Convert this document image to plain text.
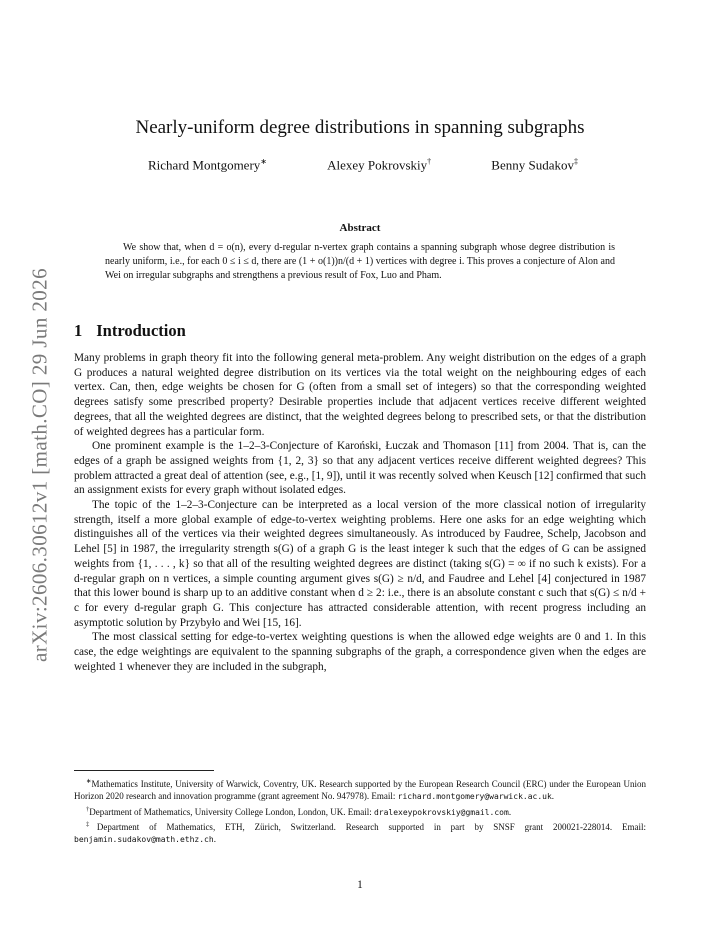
arXiv:2606.30612v1 [math.CO] 29 Jun 2026
Nearly-uniform degree distributions in spanning subgraphs
Richard Montgomery∗	Alexey Pokrovskiy†	Benny Sudakov‡
Abstract

We show that, when d = o(n), every d-regular n-vertex graph contains a spanning subgraph whose degree distribution is nearly uniform, i.e., for each 0 ≤ i ≤ d, there are (1 + o(1))n/(d + 1) vertices with degree i. This proves a conjecture of Alon and Wei on irregular subgraphs and strengthens a previous result of Fox, Luo and Pham.

1 Introduction

Many problems in graph theory fit into the following general meta-problem. Any weight distribution on the edges of a graph G produces a natural weighted degree distribution on its vertices via the total weight on the neighbouring edges of each vertex. Can, then, edge weights be chosen for G (often from a small set of integers) so that the corresponding weighted degrees satisfy some prescribed property? Desirable properties include that adjacent vertices receive different weighted degrees, that all the weighted degrees are distinct, that the weighted degrees belong to prescribed sets, or that the distribution of weighted degrees has a particular form.

One prominent example is the 1–2–3-Conjecture of Karoński, Łuczak and Thomason [11] from 2004. That is, can the edges of a graph be assigned weights from {1, 2, 3} so that any adjacent vertices receive different weighted degrees? This problem attracted a great deal of attention (see, e.g., [1, 9]), until it was recently solved when Keusch [12] confirmed that such an assignment exists for every graph without isolated edges.

The topic of the 1–2–3-Conjecture can be interpreted as a local version of the more classical notion of irregularity strength, itself a more global example of edge-to-vertex weighting problems. Here one asks for an edge weighting which distinguishes all of the vertices via their weighted degrees simultaneously. As introduced by Faudree, Schelp, Jacobson and Lehel [5] in 1987, the irregularity strength s(G) of a graph G is the least integer k such that the edges of G can be assigned weights from {1, . . . , k} so that all of the resulting weighted degrees are distinct (taking s(G) = ∞ if no such k exists). For a d-regular graph on n vertices, a simple counting argument gives s(G) ≥ n/d, and Faudree and Lehel [4] conjectured in 1987 that this lower bound is sharp up to an additive constant when d ≥ 2: i.e., there is an absolute constant c such that s(G) ≤ n/d + c for every d-regular graph G. This conjecture has attracted considerable attention, with recent progress including an asymptotic solution by Przybyło and Wei [15, 16].

The most classical setting for edge-to-vertex weighting questions is when the allowed edge weights are 0 and 1. In this case, the edge weightings are equivalent to the spanning subgraphs of the graph, a correspondence given when the edges are weighted 1 whenever they are included in the subgraph,

∗Mathematics Institute, University of Warwick, Coventry, UK. Research supported by the European Research Council (ERC) under the European Union Horizon 2020 research and innovation programme (grant agreement No. 947978). Email: richard.montgomery@warwick.ac.uk.

†Department of Mathematics, University College London, London, UK. Email: dralexeypokrovskiy@gmail.com.

‡Department of Mathematics, ETH, Zürich, Switzerland. Research supported in part by SNSF grant 200021-228014. Email: benjamin.sudakov@math.ethz.ch.

1
